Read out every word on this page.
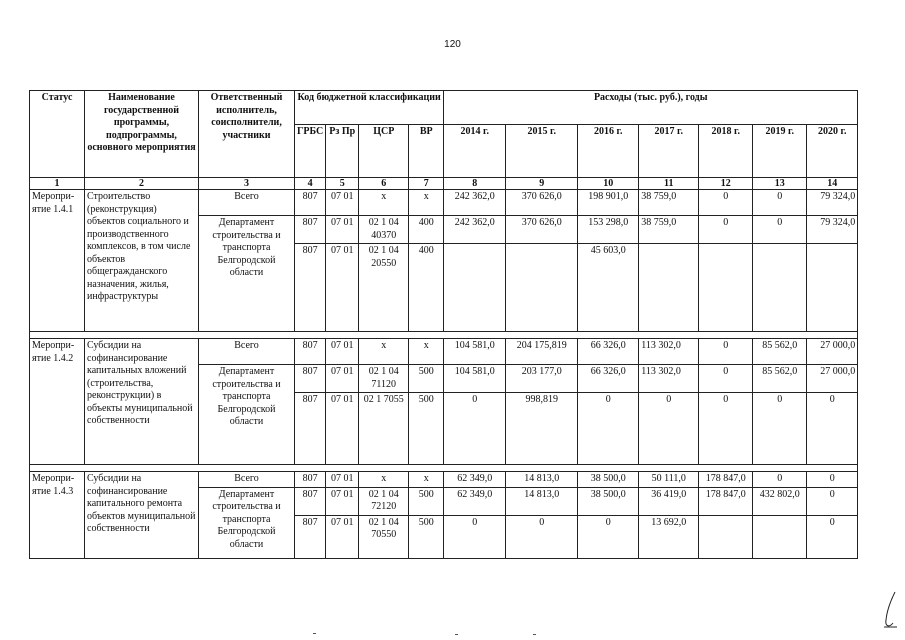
120
Статус	Наименование государственной программы, подпрограммы, основного мероприятия	Ответственный исполнитель, соисполнители, участники	Код бюджетной классификации				Расходы (тыс. руб.), годы						
			ГРБС	Рз Пр	ЦСР	ВР	2014 г.	2015 г.	2016 г.	2017 г.	2018 г.	2019 г.	2020 г.
1	2	3	4	5	6	7	8	9	10	11	12	13	14
Меропри-ятие 1.4.1	Строительство (реконструкция) объектов социального и производственного комплексов, в том числе объектов общегражданского назначения, жилья, инфраструктуры	Всего	807	07 01	х	х	242 362,0	370 626,0	198 901,0	38 759,0	0	0	79 324,0
		Департамент строительства и транспорта Белгородской области	807	07 01	02 1 04 40370	400	242 362,0	370 626,0	153 298,0	38 759,0	0	0	79 324,0
			807	07 01	02 1 04 20550	400			45 603,0				

Меропри-ятие 1.4.2	Субсидии на софинансирование капитальных вложений (строительства, реконструкции) в объекты муниципальной собственности	Всего	807	07 01	х	х	104 581,0	204 175,819	66 326,0	113 302,0	0	85 562,0	27 000,0
		Департамент строительства и транспорта Белгородской области	807	07 01	02 1 04 71120	500	104 581,0	203 177,0	66 326,0	113 302,0	0	85 562,0	27 000,0
			807	07 01	02 1 7055	500	0	998,819	0	0	0	0	0

Меропри-ятие 1.4.3	Субсидии на софинансирование капитального ремонта объектов муниципальной собственности	Всего	807	07 01	х	х	62 349,0	14 813,0	38 500,0	50 111,0	178 847,0	0	0
		Департамент строительства и транспорта Белгородской области	807	07 01	02 1 04 72120	500	62 349,0	14 813,0	38 500,0	36 419,0	178 847,0	432 802,0	0
			807	07 01	02 1 04 70550	500	0	0	0	13 692,0			0
